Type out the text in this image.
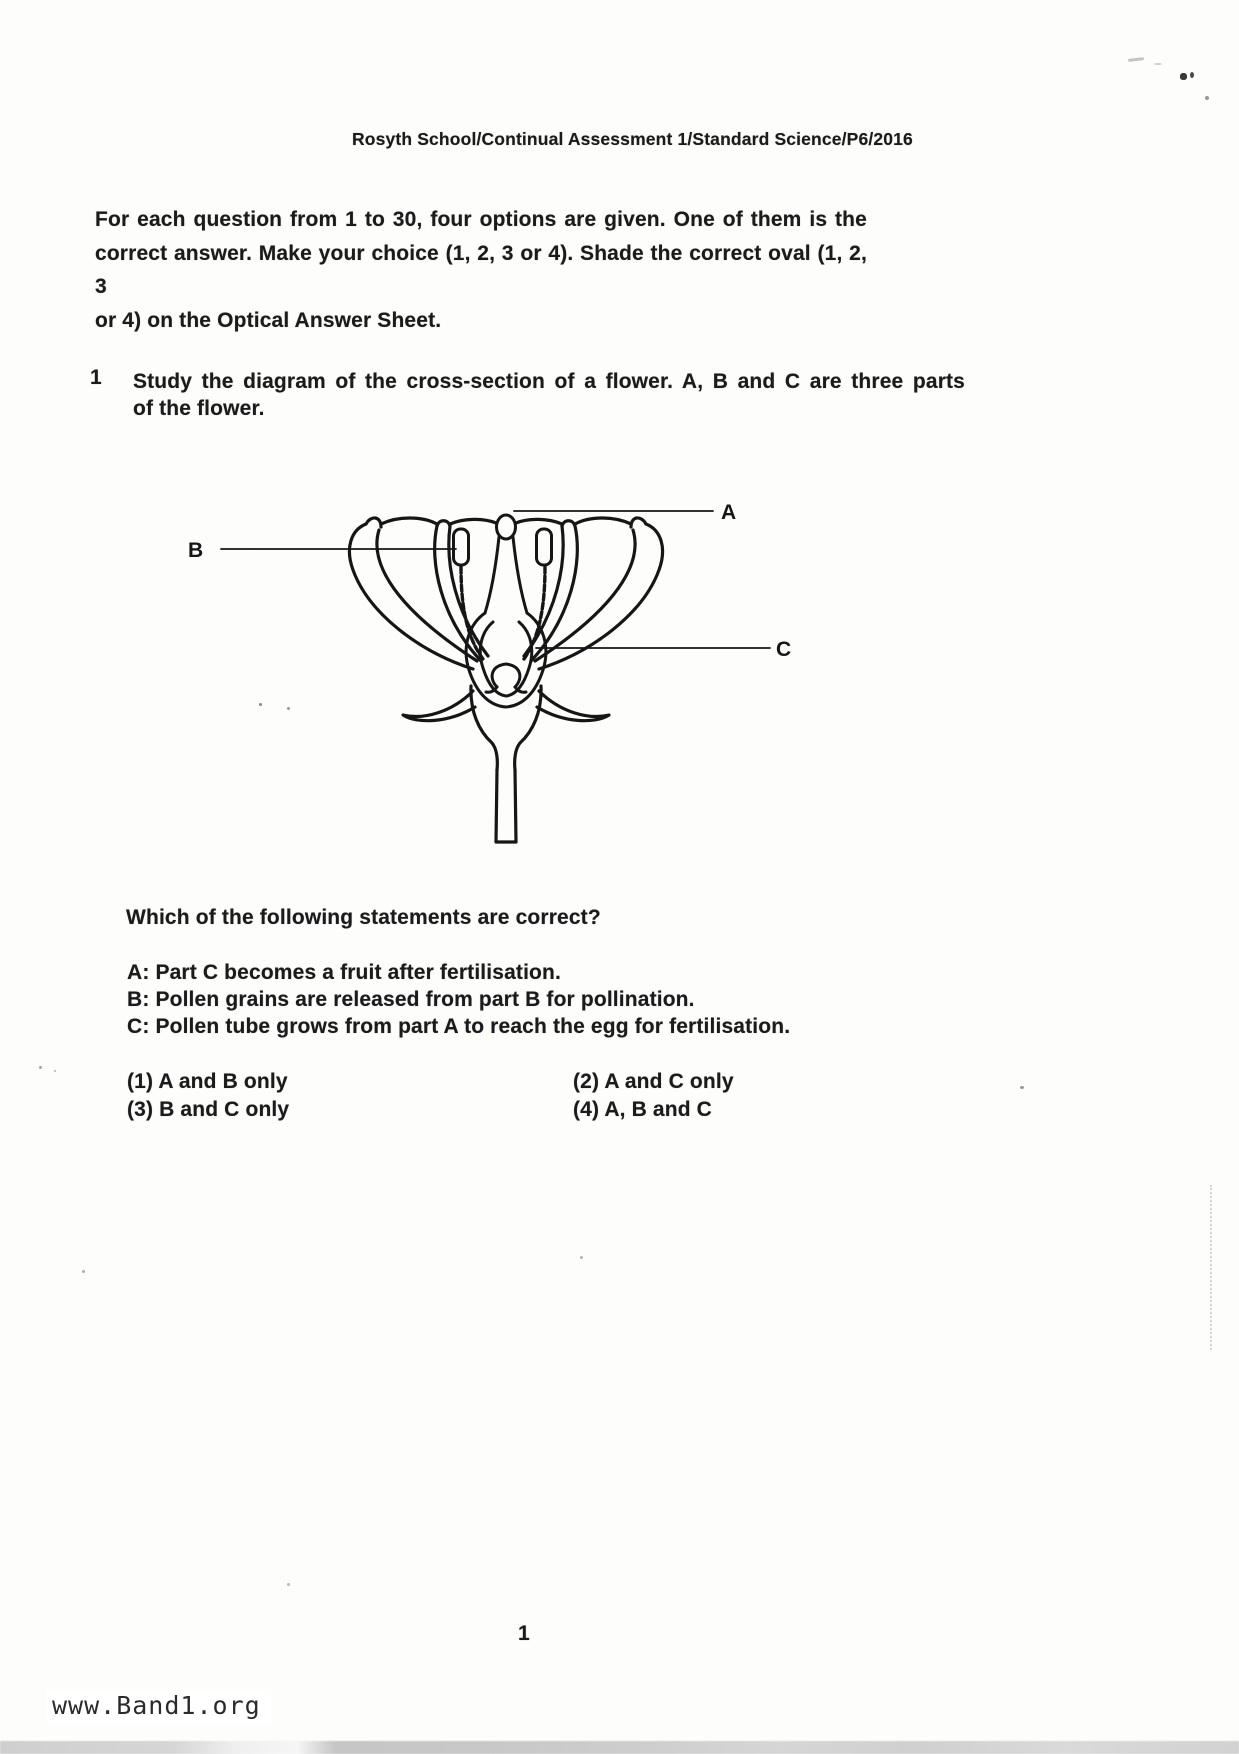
Rosyth School/Continual Assessment 1/Standard Science/P6/2016
For each question from 1 to 30, four options are given. One of them is the
correct answer. Make your choice (1, 2, 3 or 4). Shade the correct oval (1, 2, 3
or 4) on the Optical Answer Sheet.
1 Study the diagram of the cross-section of a flower. A, B and C are three parts
of the flower.
A
B
C
Which of the following statements are correct?
A: Part C becomes a fruit after fertilisation.
B: Pollen grains are released from part B for pollination.
C: Pollen tube grows from part A to reach the egg for fertilisation.
(1) A and B only	(2) A and C only
(3) B and C only	(4) A, B and C
1
www.Band1.org
